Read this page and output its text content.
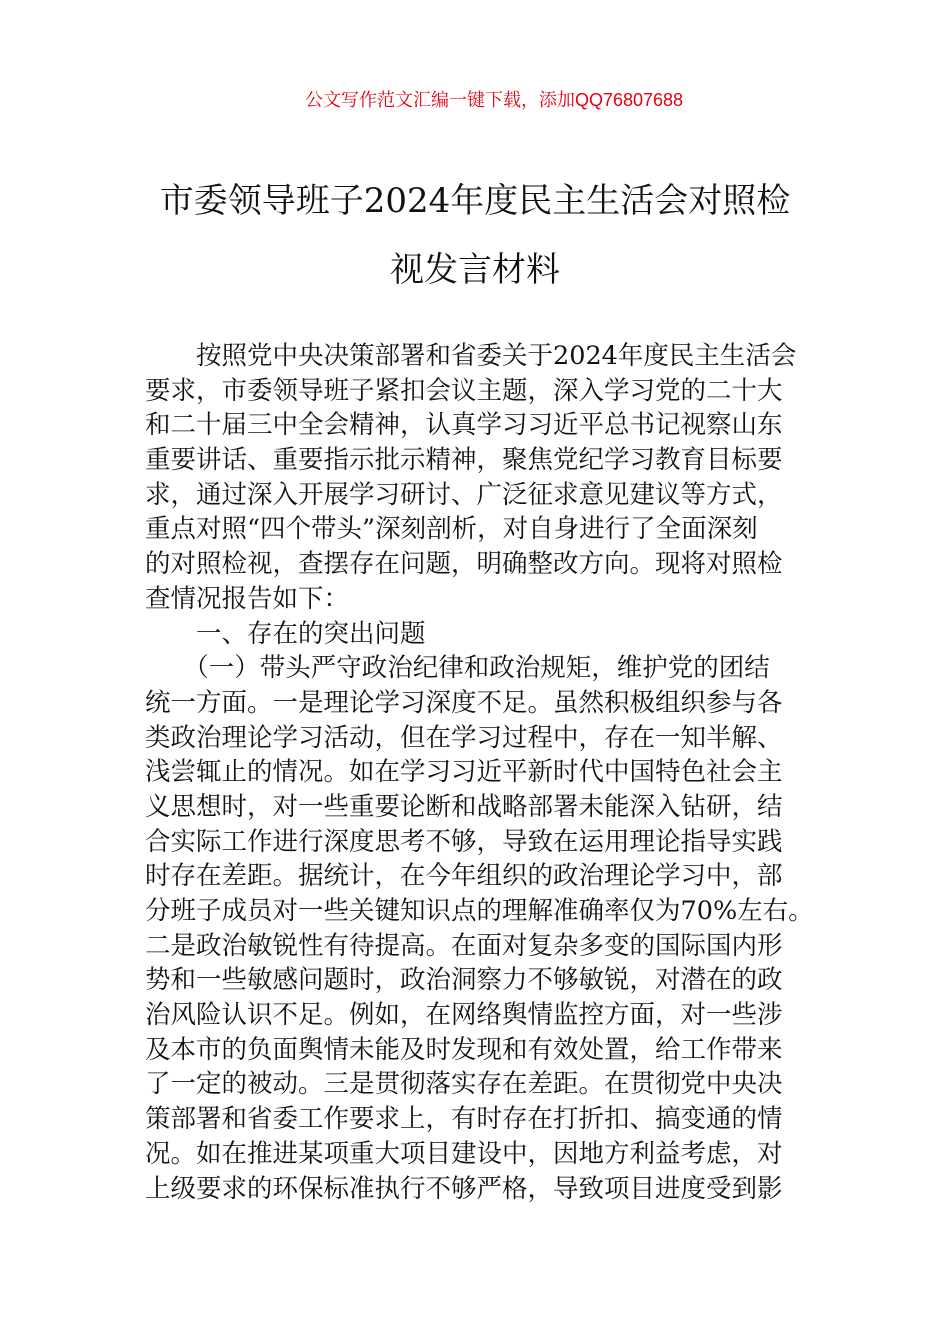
公文写作范文汇编一键下载，添加QQ76807688
市委领导班子2024年度民主生活会对照检
视发言材料
　　按照党中央决策部署和省委关于2024年度民主生活会
要求，市委领导班子紧扣会议主题，深入学习党的二十大
和二十届三中全会精神，认真学习习近平总书记视察山东
重要讲话、重要指示批示精神，聚焦党纪学习教育目标要
求，通过深入开展学习研讨、广泛征求意见建议等方式，
重点对照“四个带头”深刻剖析，对自身进行了全面深刻
的对照检视，查摆存在问题，明确整改方向。现将对照检
查情况报告如下：
　　一、存在的突出问题
　　（一）带头严守政治纪律和政治规矩，维护党的团结
统一方面。一是理论学习深度不足。虽然积极组织参与各
类政治理论学习活动，但在学习过程中，存在一知半解、
浅尝辄止的情况。如在学习习近平新时代中国特色社会主
义思想时，对一些重要论断和战略部署未能深入钻研，结
合实际工作进行深度思考不够，导致在运用理论指导实践
时存在差距。据统计，在今年组织的政治理论学习中，部
分班子成员对一些关键知识点的理解准确率仅为70%左右。
二是政治敏锐性有待提高。在面对复杂多变的国际国内形
势和一些敏感问题时，政治洞察力不够敏锐，对潜在的政
治风险认识不足。例如，在网络舆情监控方面，对一些涉
及本市的负面舆情未能及时发现和有效处置，给工作带来
了一定的被动。三是贯彻落实存在差距。在贯彻党中央决
策部署和省委工作要求上，有时存在打折扣、搞变通的情
况。如在推进某项重大项目建设中，因地方利益考虑，对
上级要求的环保标准执行不够严格，导致项目进度受到影
